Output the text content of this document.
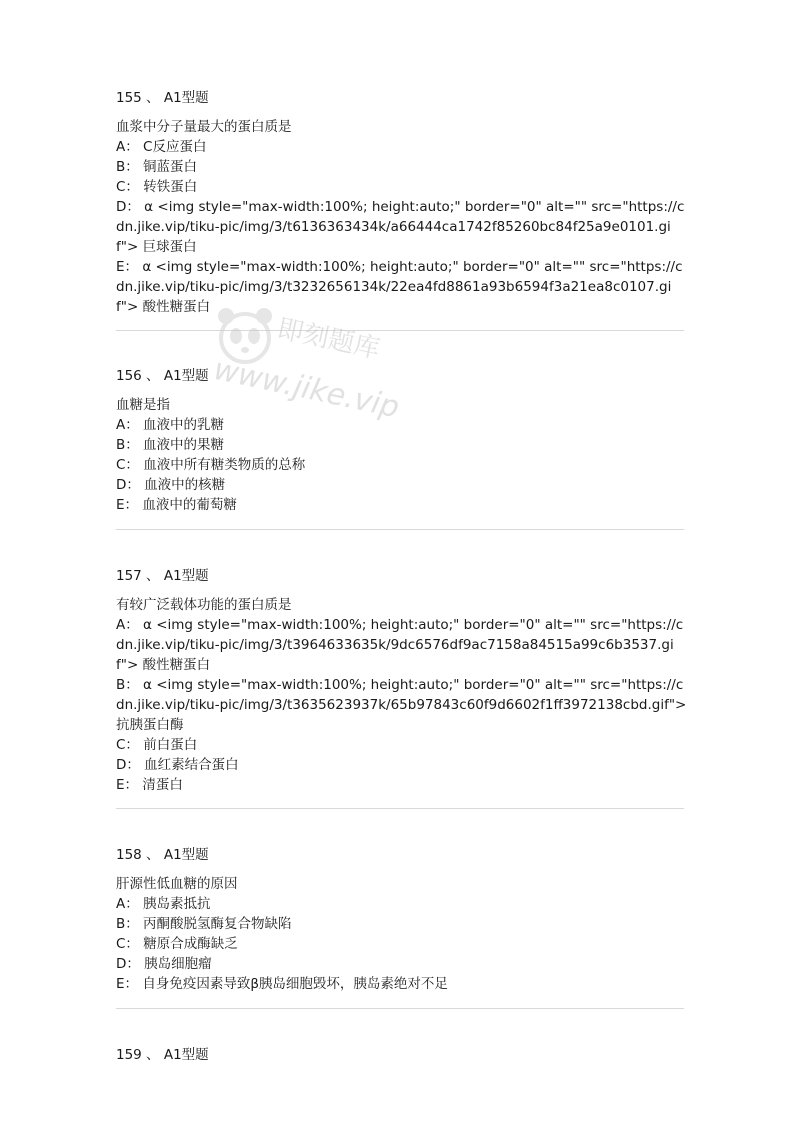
155 、 A1型题
血浆中分子量最大的蛋白质是
A： C反应蛋白
B： 铜蓝蛋白
C： 转铁蛋白
D： α <img style="max-width:100%; height:auto;" border="0" alt="" src="https://cdn.jike.vip/tiku-pic/img/3/t6136363434k/a66444ca1742f85260bc84f25a9e0101.gif"> 巨球蛋白
E： α <img style="max-width:100%; height:auto;" border="0" alt="" src="https://cdn.jike.vip/tiku-pic/img/3/t3232656134k/22ea4fd8861a93b6594f3a21ea8c0107.gif"> 酸性糖蛋白
156 、 A1型题
血糖是指
A： 血液中的乳糖
B： 血液中的果糖
C： 血液中所有糖类物质的总称
D： 血液中的核糖
E： 血液中的葡萄糖
157 、 A1型题
有较广泛载体功能的蛋白质是
A： α <img style="max-width:100%; height:auto;" border="0" alt="" src="https://cdn.jike.vip/tiku-pic/img/3/t3964633635k/9dc6576df9ac7158a84515a99c6b3537.gif"> 酸性糖蛋白
B： α <img style="max-width:100%; height:auto;" border="0" alt="" src="https://cdn.jike.vip/tiku-pic/img/3/t3635623937k/65b97843c60f9d6602f1ff3972138cbd.gif"> 抗胰蛋白酶
C： 前白蛋白
D： 血红素结合蛋白
E： 清蛋白
158 、 A1型题
肝源性低血糖的原因
A： 胰岛素抵抗
B： 丙酮酸脱氢酶复合物缺陷
C： 糖原合成酶缺乏
D： 胰岛细胞瘤
E： 自身免疫因素导致β胰岛细胞毁坏，胰岛素绝对不足
159 、 A1型题
即刻题库
www.jike.vip
